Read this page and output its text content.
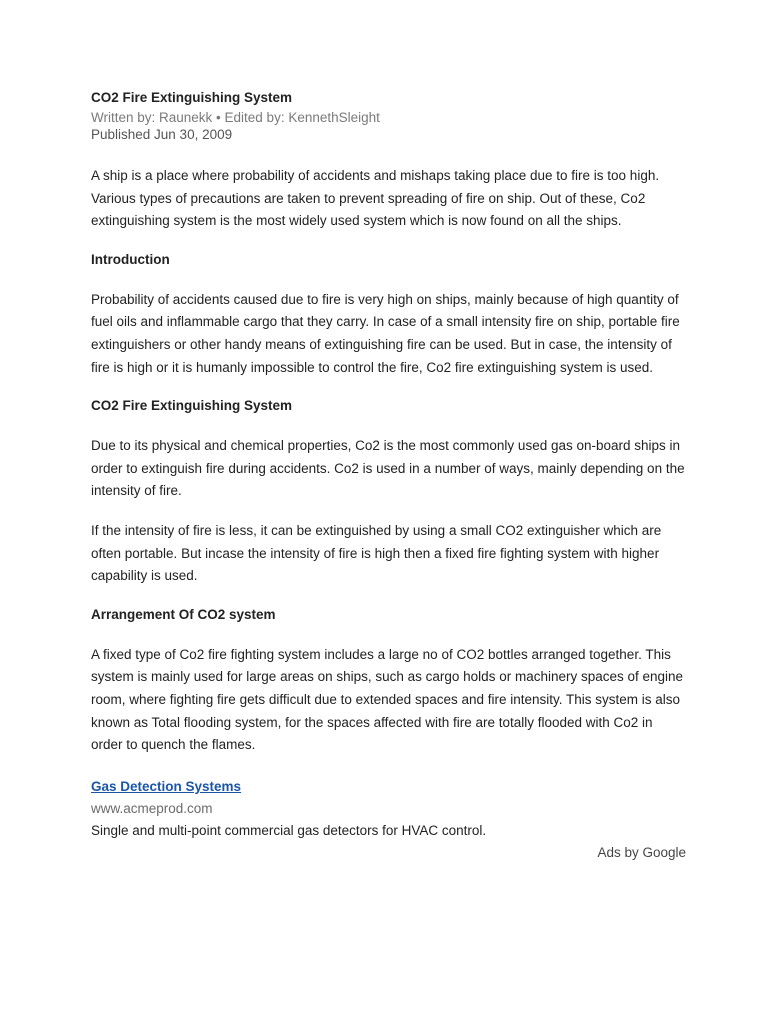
CO2 Fire Extinguishing System
Written by: Raunekk • Edited by: KennethSleight
Published Jun 30, 2009

A ship is a place where probability of accidents and mishaps taking place due to fire is too high. Various types of precautions are taken to prevent spreading of fire on ship. Out of these, Co2 extinguishing system is the most widely used system which is now found on all the ships.

Introduction

Probability of accidents caused due to fire is very high on ships, mainly because of high quantity of fuel oils and inflammable cargo that they carry. In case of a small intensity fire on ship, portable fire extinguishers or other handy means of extinguishing fire can be used. But in case, the intensity of fire is high or it is humanly impossible to control the fire, Co2 fire extinguishing system is used.

CO2 Fire Extinguishing System

Due to its physical and chemical properties, Co2 is the most commonly used gas on-board ships in order to extinguish fire during accidents. Co2 is used in a number of ways, mainly depending on the intensity of fire.

If the intensity of fire is less, it can be extinguished by using a small CO2 extinguisher which are often portable. But incase the intensity of fire is high then a fixed fire fighting system with higher capability is used.

Arrangement Of CO2 system

A fixed type of Co2 fire fighting system includes a large no of CO2 bottles arranged together. This system is mainly used for large areas on ships, such as cargo holds or machinery spaces of engine room, where fighting fire gets difficult due to extended spaces and fire intensity. This system is also known as Total flooding system, for the spaces affected with fire are totally flooded with Co2 in order to quench the flames.

Gas Detection Systems

www.acmeprod.com

Single and multi-point commercial gas detectors for HVAC control.

Ads by Google
